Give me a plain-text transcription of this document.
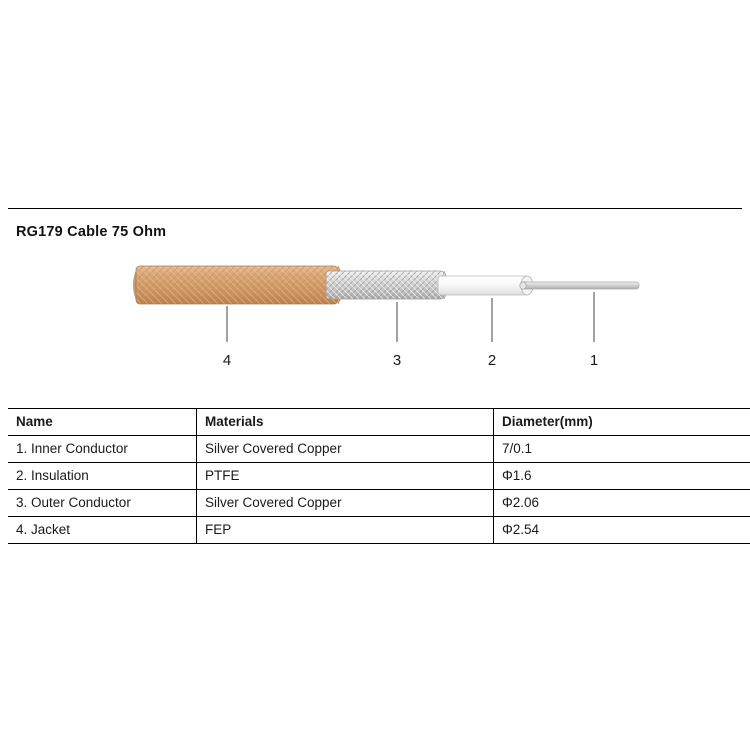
RG179 Cable 75 Ohm
4	3	2	1
Name	Materials	Diameter(mm)
1. Inner Conductor	Silver Covered Copper	7/0.1
2. Insulation	PTFE	Φ1.6
3. Outer Conductor	Silver Covered Copper	Φ2.06
4. Jacket	FEP	Φ2.54
